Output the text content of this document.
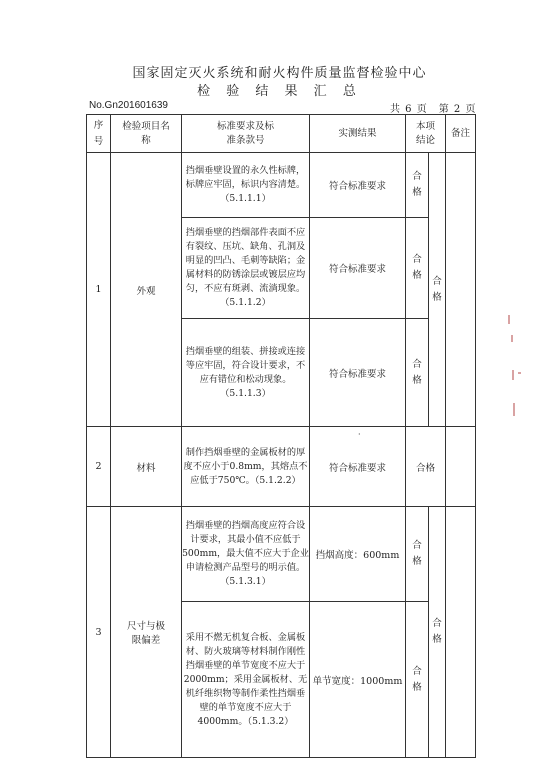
国家固定灭火系统和耐火构件质量监督检验中心
检 验 结 果 汇 总
No.Gn201601639	共 6 页　第 2 页
序号	检验项目名称	标准要求及标准条款号	实测结果	本项结论		备注
1	外观	挡烟垂壁设置的永久性标牌，标牌应牢固，标识内容清楚。（5.1.1.1）	符合标准要求	合格	合格	
		挡烟垂壁的挡烟部件表面不应有裂纹、压坑、缺角、孔洞及明显的凹凸、毛刺等缺陷；金属材料的防锈涂层或镀层应均匀，不应有斑剥、流淌现象。（5.1.1.2）	符合标准要求	合格		
		挡烟垂壁的组装、拼接或连接等应牢固，符合设计要求，不应有错位和松动现象。（5.1.1.3）	符合标准要求	合格		
2	材料	制作挡烟垂壁的金属板材的厚度不应小于0.8mm，其熔点不应低于750℃。（5.1.2.2）	符合标准要求	合格		
3	尺寸与极限偏差	挡烟垂壁的挡烟高度应符合设计要求，其最小值不应低于500mm，最大值不应大于企业申请检测产品型号的明示值。（5.1.3.1）	挡烟高度：600mm	合格	合格	
		采用不燃无机复合板、金属板材、防火玻璃等材料制作刚性挡烟垂壁的单节宽度不应大于2000mm；采用金属板材、无机纤维织物等制作柔性挡烟垂壁的单节宽度不应大于4000mm。（5.1.3.2）	单节宽度：1000mm	合格		
·
